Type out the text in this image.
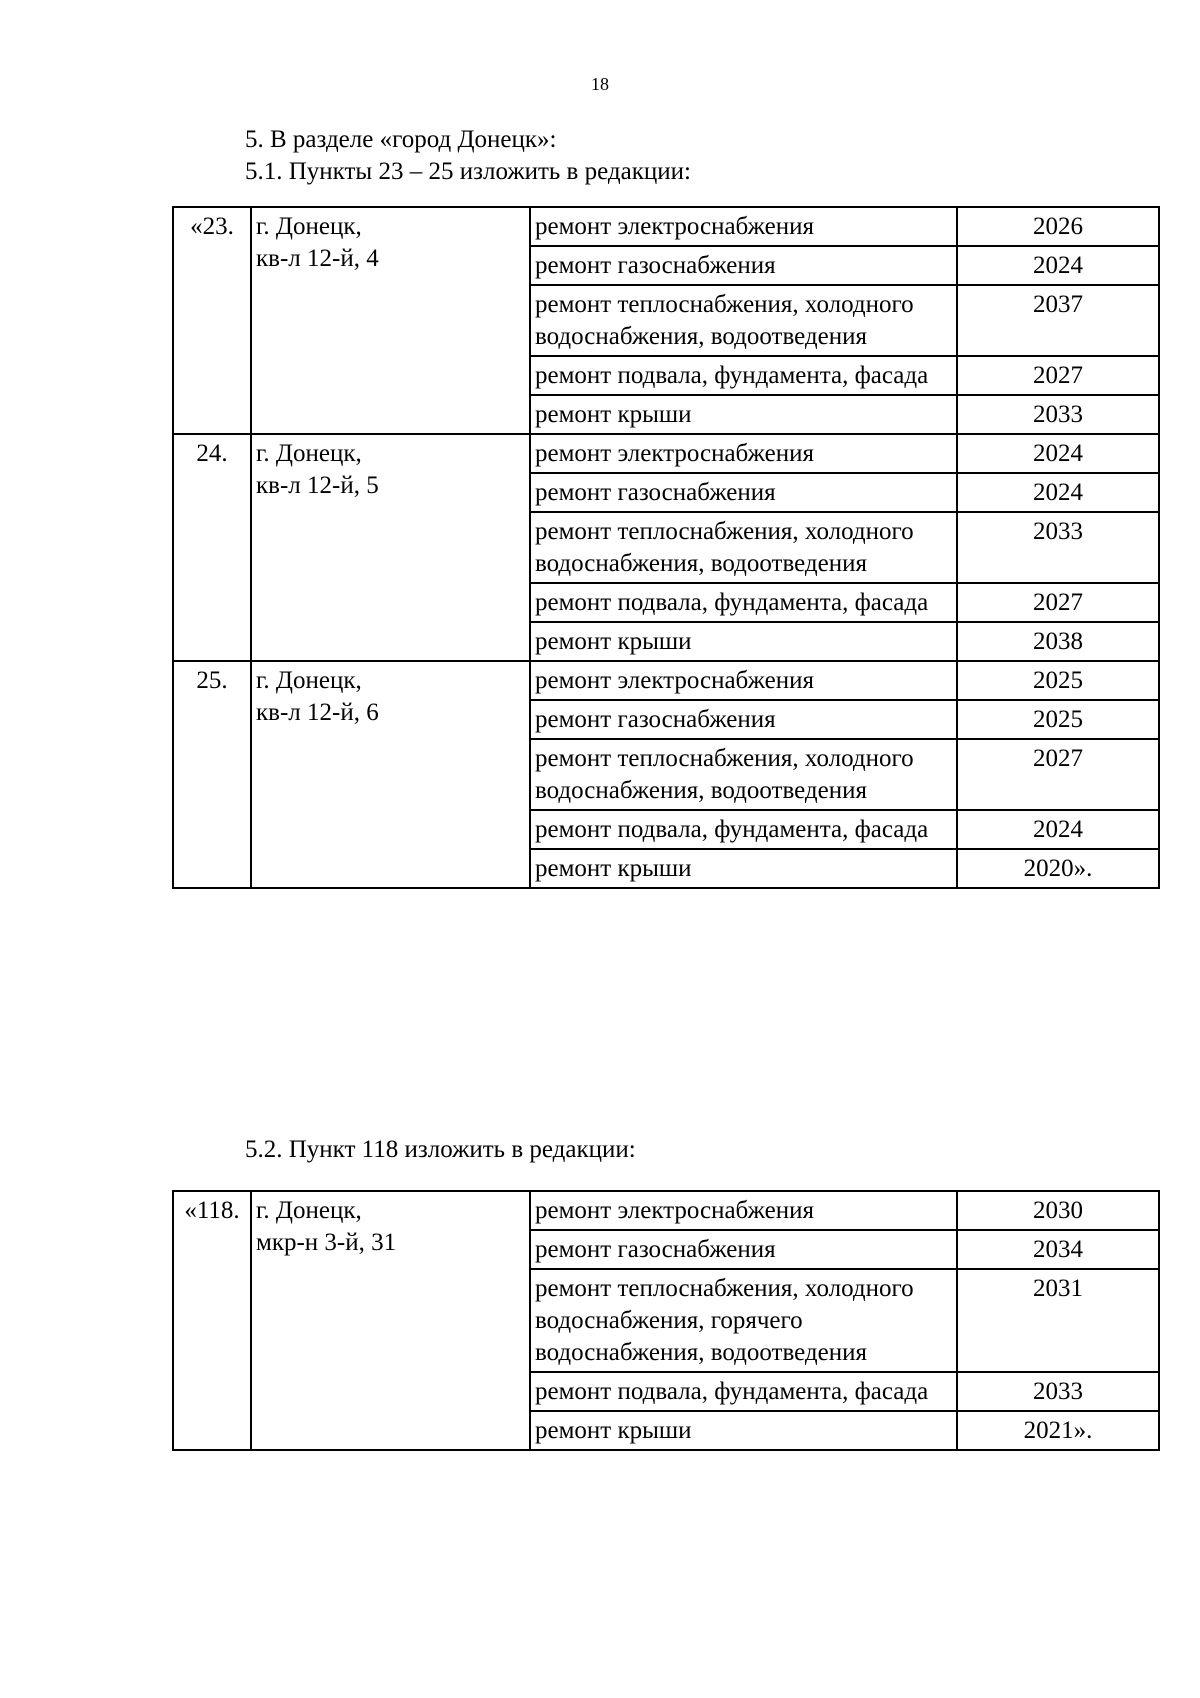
18
5. В разделе «город Донецк»:
5.1. Пункты 23 – 25 изложить в редакции:
«23.	г. Донецк,
кв-л 12-й, 4	ремонт электроснабжения	2026
		ремонт газоснабжения	2024
		ремонт теплоснабжения, холодного водоснабжения, водоотведения	2037
		ремонт подвала, фундамента, фасада	2027
		ремонт крыши	2033
24.	г. Донецк,
кв-л 12-й, 5	ремонт электроснабжения	2024
		ремонт газоснабжения	2024
		ремонт теплоснабжения, холодного водоснабжения, водоотведения	2033
		ремонт подвала, фундамента, фасада	2027
		ремонт крыши	2038
25.	г. Донецк,
кв-л 12-й, 6	ремонт электроснабжения	2025
		ремонт газоснабжения	2025
		ремонт теплоснабжения, холодного водоснабжения, водоотведения	2027
		ремонт подвала, фундамента, фасада	2024
		ремонт крыши	2020».
5.2. Пункт 118 изложить в редакции:
«118.	г. Донецк,
мкр-н 3-й, 31	ремонт электроснабжения	2030
		ремонт газоснабжения	2034
		ремонт теплоснабжения, холодного водоснабжения, горячего водоснабжения, водоотведения	2031
		ремонт подвала, фундамента, фасада	2033
		ремонт крыши	2021».
